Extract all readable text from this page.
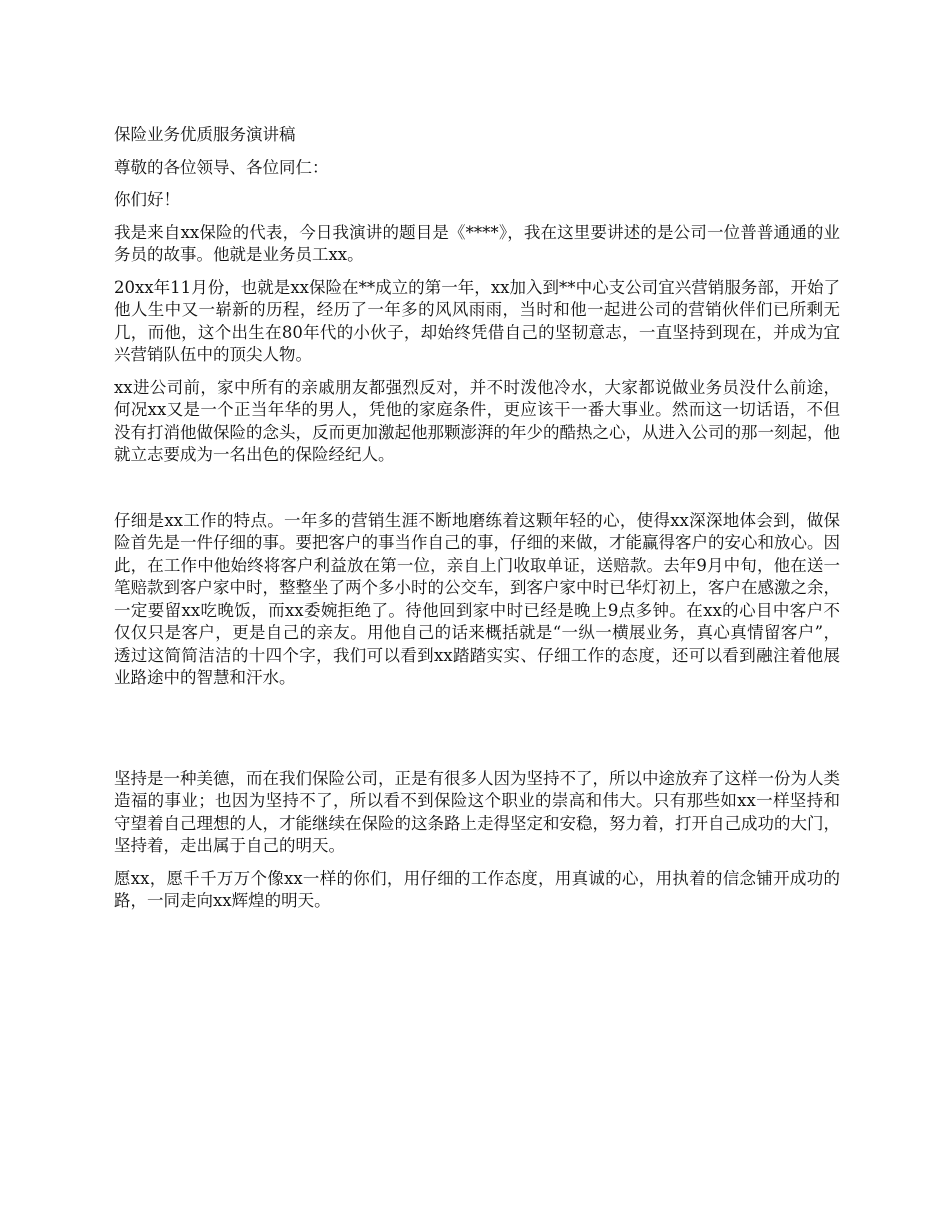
保险业务优质服务演讲稿

尊敬的各位领导、各位同仁：

你们好！

我是来自xx保险的代表，今日我演讲的题目是《****》，我在这里要讲述的是公司一位普普通通的业务员的故事。他就是业务员工xx。

20xx年11月份，也就是xx保险在**成立的第一年，xx加入到**中心支公司宜兴营销服务部，开始了他人生中又一崭新的历程，经历了一年多的风风雨雨，当时和他一起进公司的营销伙伴们已所剩无几，而他，这个出生在80年代的小伙子，却始终凭借自己的坚韧意志，一直坚持到现在，并成为宜兴营销队伍中的顶尖人物。

xx进公司前，家中所有的亲戚朋友都强烈反对，并不时泼他冷水，大家都说做业务员没什么前途，何况xx又是一个正当年华的男人，凭他的家庭条件，更应该干一番大事业。然而这一切话语，不但没有打消他做保险的念头，反而更加激起他那颗澎湃的年少的酷热之心，从进入公司的那一刻起，他就立志要成为一名出色的保险经纪人。

仔细是xx工作的特点。一年多的营销生涯不断地磨练着这颗年轻的心，使得xx深深地体会到，做保险首先是一件仔细的事。要把客户的事当作自己的事，仔细的来做，才能赢得客户的安心和放心。因此，在工作中他始终将客户利益放在第一位，亲自上门收取单证，送赔款。去年9月中旬，他在送一笔赔款到客户家中时，整整坐了两个多小时的公交车，到客户家中时已华灯初上，客户在感激之余，一定要留xx吃晚饭，而xx委婉拒绝了。待他回到家中时已经是晚上9点多钟。在xx的心目中客户不仅仅只是客户，更是自己的亲友。用他自己的话来概括就是“一纵一横展业务，真心真情留客户”，透过这简简洁洁的十四个字，我们可以看到xx踏踏实实、仔细工作的态度，还可以看到融注着他展业路途中的智慧和汗水。

坚持是一种美德，而在我们保险公司，正是有很多人因为坚持不了，所以中途放弃了这样一份为人类造福的事业；也因为坚持不了，所以看不到保险这个职业的崇高和伟大。只有那些如xx一样坚持和守望着自己理想的人，才能继续在保险的这条路上走得坚定和安稳，努力着，打开自己成功的大门，坚持着，走出属于自己的明天。

愿xx，愿千千万万个像xx一样的你们，用仔细的工作态度，用真诚的心，用执着的信念铺开成功的路，一同走向xx辉煌的明天。
